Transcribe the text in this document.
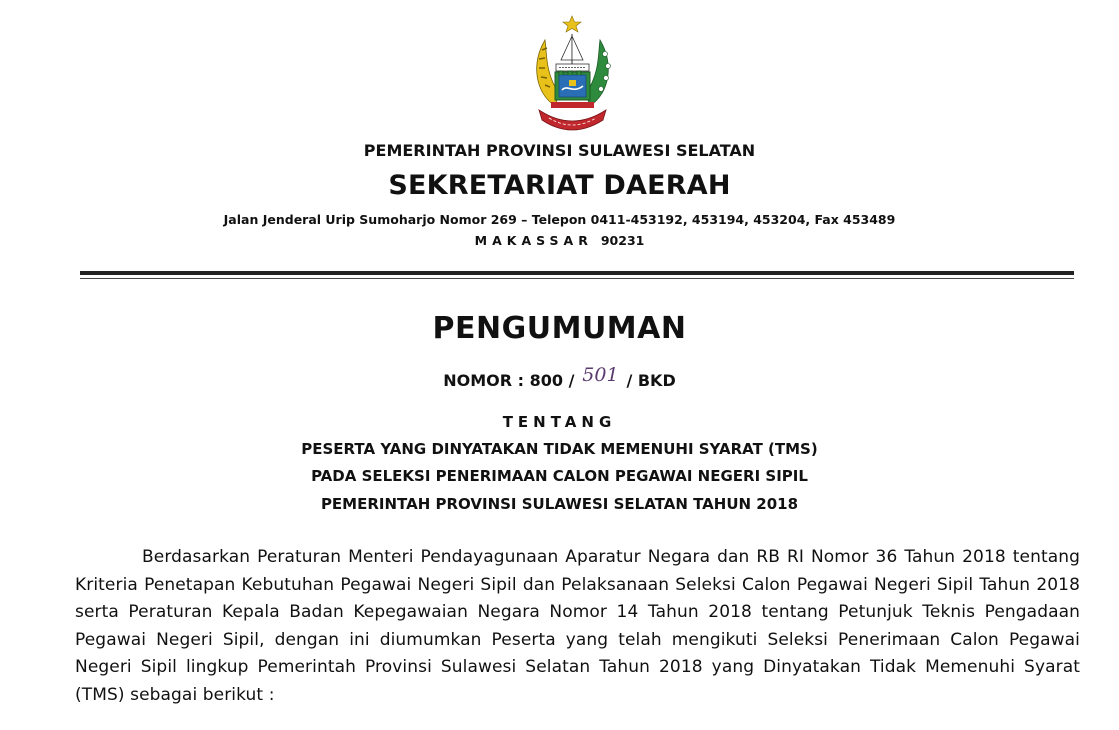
PEMERINTAH PROVINSI SULAWESI SELATAN
SEKRETARIAT DAERAH
Jalan Jenderal Urip Sumoharjo Nomor 269 – Telepon 0411-453192, 453194, 453204, Fax 453489
MAKASSAR 90231
PENGUMUMAN
NOMOR : 800 / 501 / BKD
TENTANG
PESERTA YANG DINYATAKAN TIDAK MEMENUHI SYARAT (TMS)
PADA SELEKSI PENERIMAAN CALON PEGAWAI NEGERI SIPIL
PEMERINTAH PROVINSI SULAWESI SELATAN TAHUN 2018

Berdasarkan Peraturan Menteri Pendayagunaan Aparatur Negara dan RB RI Nomor 36 Tahun 2018 tentang Kriteria Penetapan Kebutuhan Pegawai Negeri Sipil dan Pelaksanaan Seleksi Calon Pegawai Negeri Sipil Tahun 2018 serta Peraturan Kepala Badan Kepegawaian Negara Nomor 14 Tahun 2018 tentang Petunjuk Teknis Pengadaan Pegawai Negeri Sipil, dengan ini diumumkan Peserta yang telah mengikuti Seleksi Penerimaan Calon Pegawai Negeri Sipil lingkup Pemerintah Provinsi Sulawesi Selatan Tahun 2018 yang Dinyatakan Tidak Memenuhi Syarat (TMS) sebagai berikut :
